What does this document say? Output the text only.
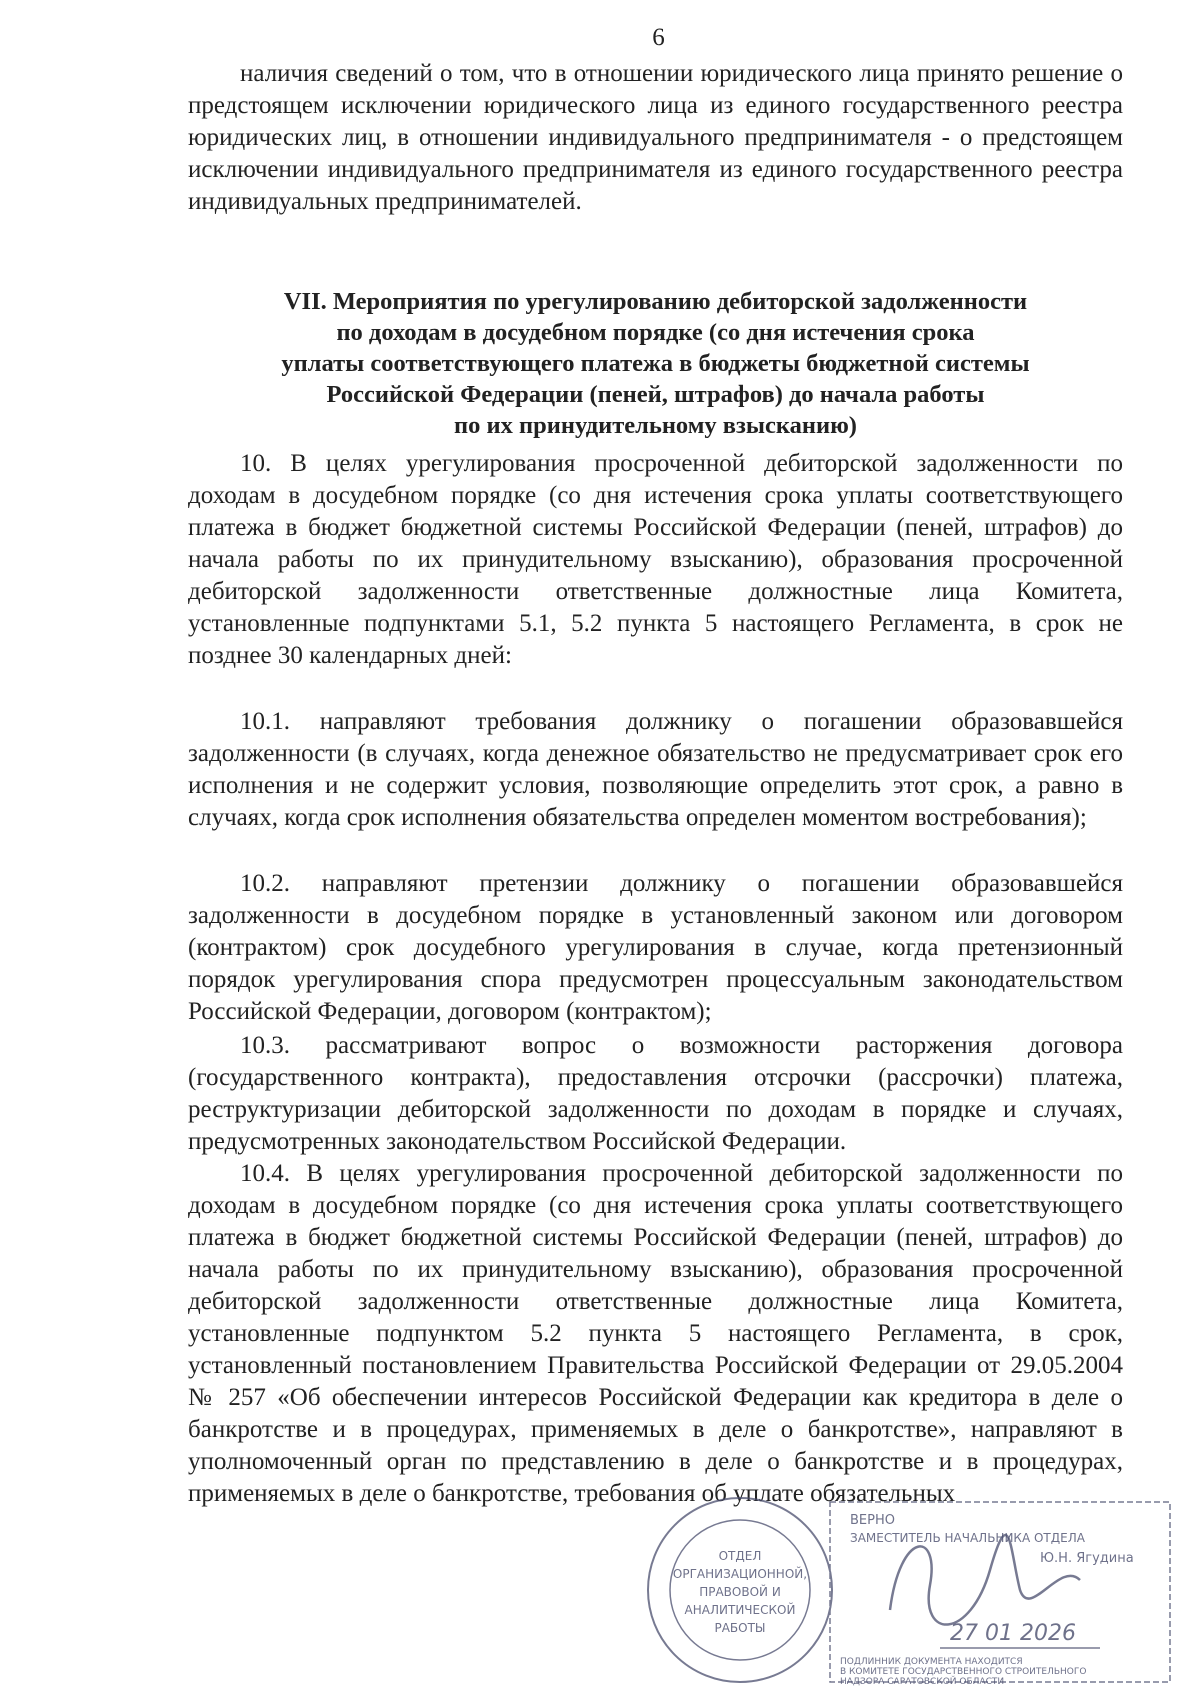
6

наличия сведений о том, что в отношении юридического лица принято решение о предстоящем исключении юридического лица из единого государственного реестра юридических лиц, в отношении индивидуального предпринимателя - о предстоящем исключении индивидуального предпринимателя из единого государственного реестра индивидуальных предпринимателей.

VII. Мероприятия по урегулированию дебиторской задолженности
по доходам в досудебном порядке (со дня истечения срока
уплаты соответствующего платежа в бюджеты бюджетной системы
Российской Федерации (пеней, штрафов) до начала работы
по их принудительному взысканию)

10. В целях урегулирования просроченной дебиторской задолженности по доходам в досудебном порядке (со дня истечения срока уплаты соответствующего платежа в бюджет бюджетной системы Российской Федерации (пеней, штрафов) до начала работы по их принудительному взысканию), образования просроченной дебиторской задолженности ответственные должностные лица Комитета, установленные подпунктами 5.1, 5.2 пункта 5 настоящего Регламента, в срок не позднее 30 календарных дней:

10.1. направляют требования должнику о погашении образовавшейся задолженности (в случаях, когда денежное обязательство не предусматривает срок его исполнения и не содержит условия, позволяющие определить этот срок, а равно в случаях, когда срок исполнения обязательства определен моментом востребования);

10.2. направляют претензии должнику о погашении образовавшейся задолженности в досудебном порядке в установленный законом или договором (контрактом) срок досудебного урегулирования в случае, когда претензионный порядок урегулирования спора предусмотрен процессуальным законодательством Российской Федерации, договором (контрактом);

10.3. рассматривают вопрос о возможности расторжения договора (государственного контракта), предоставления отсрочки (рассрочки) платежа, реструктуризации дебиторской задолженности по доходам в порядке и случаях, предусмотренных законодательством Российской Федерации.

10.4. В целях урегулирования просроченной дебиторской задолженности по доходам в досудебном порядке (со дня истечения срока уплаты соответствующего платежа в бюджет бюджетной системы Российской Федерации (пеней, штрафов) до начала работы по их принудительному взысканию), образования просроченной дебиторской задолженности ответственные должностные лица Комитета, установленные подпунктом 5.2 пункта 5 настоящего Регламента, в срок, установленный постановлением Правительства Российской Федерации от 29.05.2004 № 257 «Об обеспечении интересов Российской Федерации как кредитора в деле о банкротстве и в процедурах, применяемых в деле о банкротстве», направляют в уполномоченный орган по представлению в деле о банкротстве и в процедурах, применяемых в деле о банкротстве, требования об уплате обязательных

ОТДЕЛ
ОРГАНИЗАЦИОННОЙ,
ПРАВОВОЙ И
АНАЛИТИЧЕСКОЙ
РАБОТЫ
ВЕРНО
ЗАМЕСТИТЕЛЬ НАЧАЛЬНИКА ОТДЕЛА
Ю.Н. Ягудина
27 01 2026
ПОДЛИННИК ДОКУМЕНТА НАХОДИТСЯ
В КОМИТЕТЕ ГОСУДАРСТВЕННОГО СТРОИТЕЛЬНОГО
НАДЗОРА САРАТОВСКОЙ ОБЛАСТИ
